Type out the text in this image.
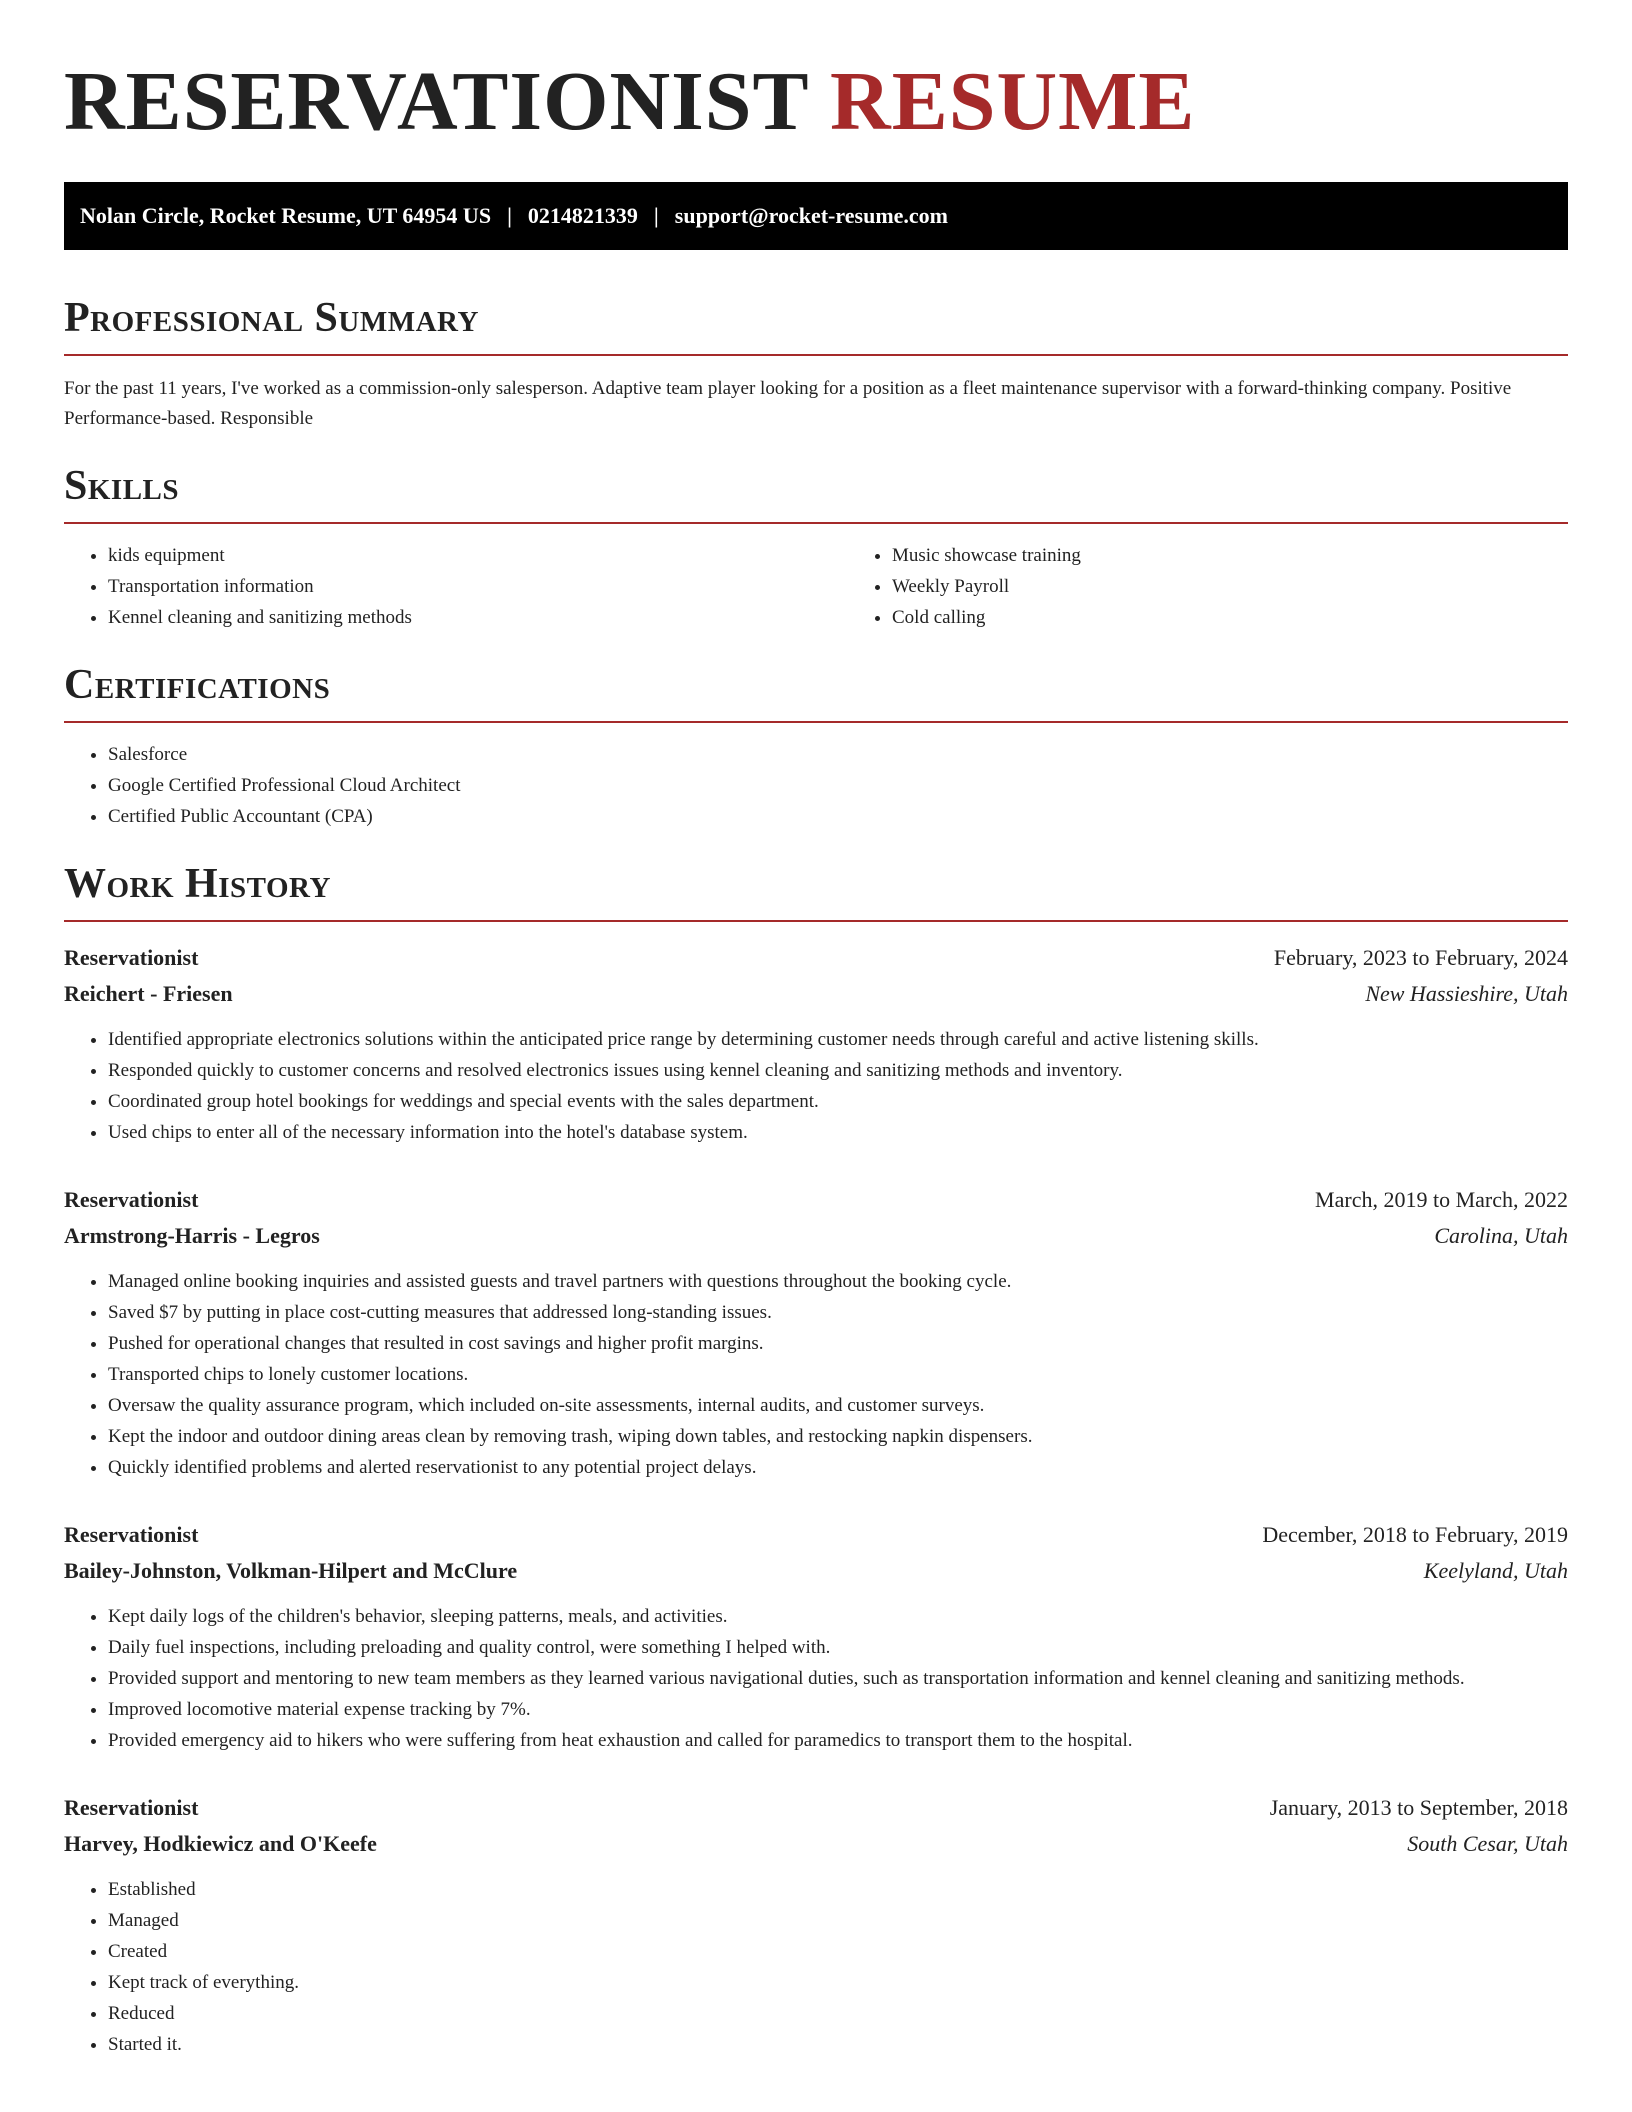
RESERVATIONIST RESUME
Nolan Circle, Rocket Resume, UT 64954 US | 0214821339 | support@rocket-resume.com
Professional Summary

For the past 11 years, I've worked as a commission-only salesperson. Adaptive team player looking for a position as a fleet maintenance supervisor with a forward-thinking company. Positive Performance-based. Responsible

Skills
• kids equipment
• Transportation information
• Kennel cleaning and sanitizing methods
• Music showcase training
• Weekly Payroll
• Cold calling
Certifications
• Salesforce
• Google Certified Professional Cloud Architect
• Certified Public Accountant (CPA)
Work History
Reservationist	February, 2023 to February, 2024
Reichert - Friesen	New Hassieshire, Utah
• Identified appropriate electronics solutions within the anticipated price range by determining customer needs through careful and active listening skills.
• Responded quickly to customer concerns and resolved electronics issues using kennel cleaning and sanitizing methods and inventory.
• Coordinated group hotel bookings for weddings and special events with the sales department.
• Used chips to enter all of the necessary information into the hotel's database system.
Reservationist	March, 2019 to March, 2022
Armstrong-Harris - Legros	Carolina, Utah
• Managed online booking inquiries and assisted guests and travel partners with questions throughout the booking cycle.
• Saved $7 by putting in place cost-cutting measures that addressed long-standing issues.
• Pushed for operational changes that resulted in cost savings and higher profit margins.
• Transported chips to lonely customer locations.
• Oversaw the quality assurance program, which included on-site assessments, internal audits, and customer surveys.
• Kept the indoor and outdoor dining areas clean by removing trash, wiping down tables, and restocking napkin dispensers.
• Quickly identified problems and alerted reservationist to any potential project delays.
Reservationist	December, 2018 to February, 2019
Bailey-Johnston, Volkman-Hilpert and McClure	Keelyland, Utah
• Kept daily logs of the children's behavior, sleeping patterns, meals, and activities.
• Daily fuel inspections, including preloading and quality control, were something I helped with.
• Provided support and mentoring to new team members as they learned various navigational duties, such as transportation information and kennel cleaning and sanitizing methods.
• Improved locomotive material expense tracking by 7%.
• Provided emergency aid to hikers who were suffering from heat exhaustion and called for paramedics to transport them to the hospital.
Reservationist	January, 2013 to September, 2018
Harvey, Hodkiewicz and O'Keefe	South Cesar, Utah
• Established
• Managed
• Created
• Kept track of everything.
• Reduced
• Started it.
